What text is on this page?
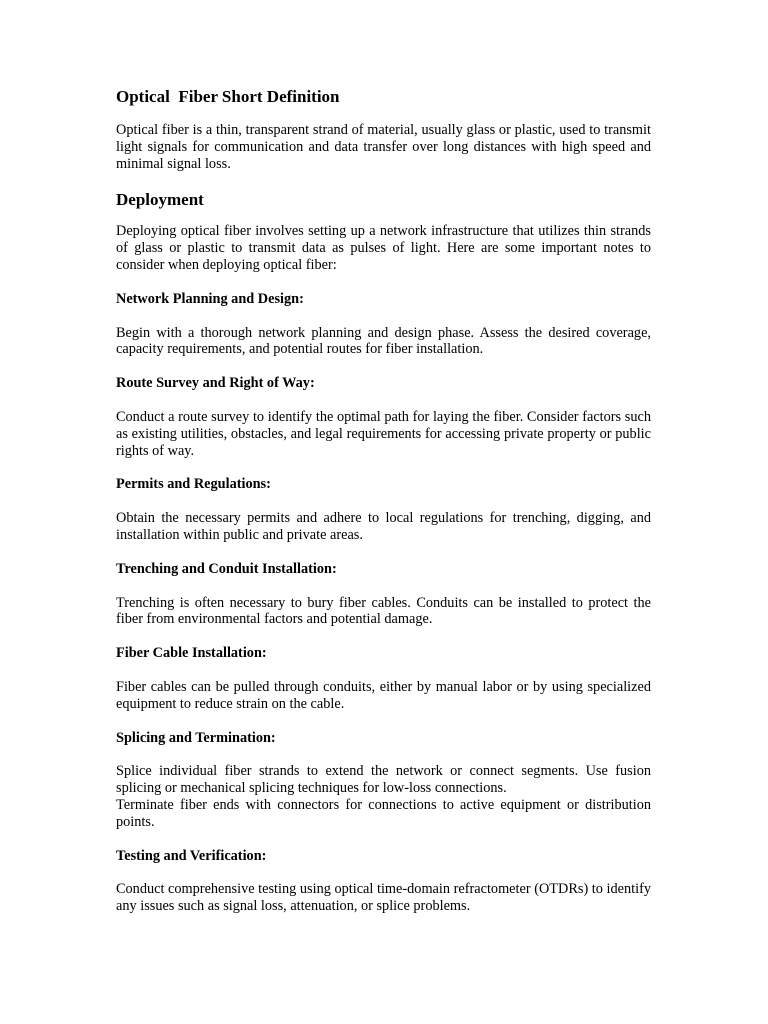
Optical  Fiber Short Definition

Optical fiber is a thin, transparent strand of material, usually glass or plastic, used to transmit light signals for communication and data transfer over long distances with high speed and minimal signal loss.

Deployment

Deploying optical fiber involves setting up a network infrastructure that utilizes thin strands of glass or plastic to transmit data as pulses of light. Here are some important notes to consider when deploying optical fiber:

Network Planning and Design:

Begin with a thorough network planning and design phase. Assess the desired coverage, capacity requirements, and potential routes for fiber installation.

Route Survey and Right of Way:

Conduct a route survey to identify the optimal path for laying the fiber. Consider factors such as existing utilities, obstacles, and legal requirements for accessing private property or public rights of way.

Permits and Regulations:

Obtain the necessary permits and adhere to local regulations for trenching, digging, and installation within public and private areas.

Trenching and Conduit Installation:

Trenching is often necessary to bury fiber cables. Conduits can be installed to protect the fiber from environmental factors and potential damage.

Fiber Cable Installation:

Fiber cables can be pulled through conduits, either by manual labor or by using specialized equipment to reduce strain on the cable.

Splicing and Termination:

Splice individual fiber strands to extend the network or connect segments. Use fusion splicing or mechanical splicing techniques for low-loss connections.

Terminate fiber ends with connectors for connections to active equipment or distribution points.

Testing and Verification:

Conduct comprehensive testing using optical time-domain refractometer (OTDRs) to identify any issues such as signal loss, attenuation, or splice problems.
